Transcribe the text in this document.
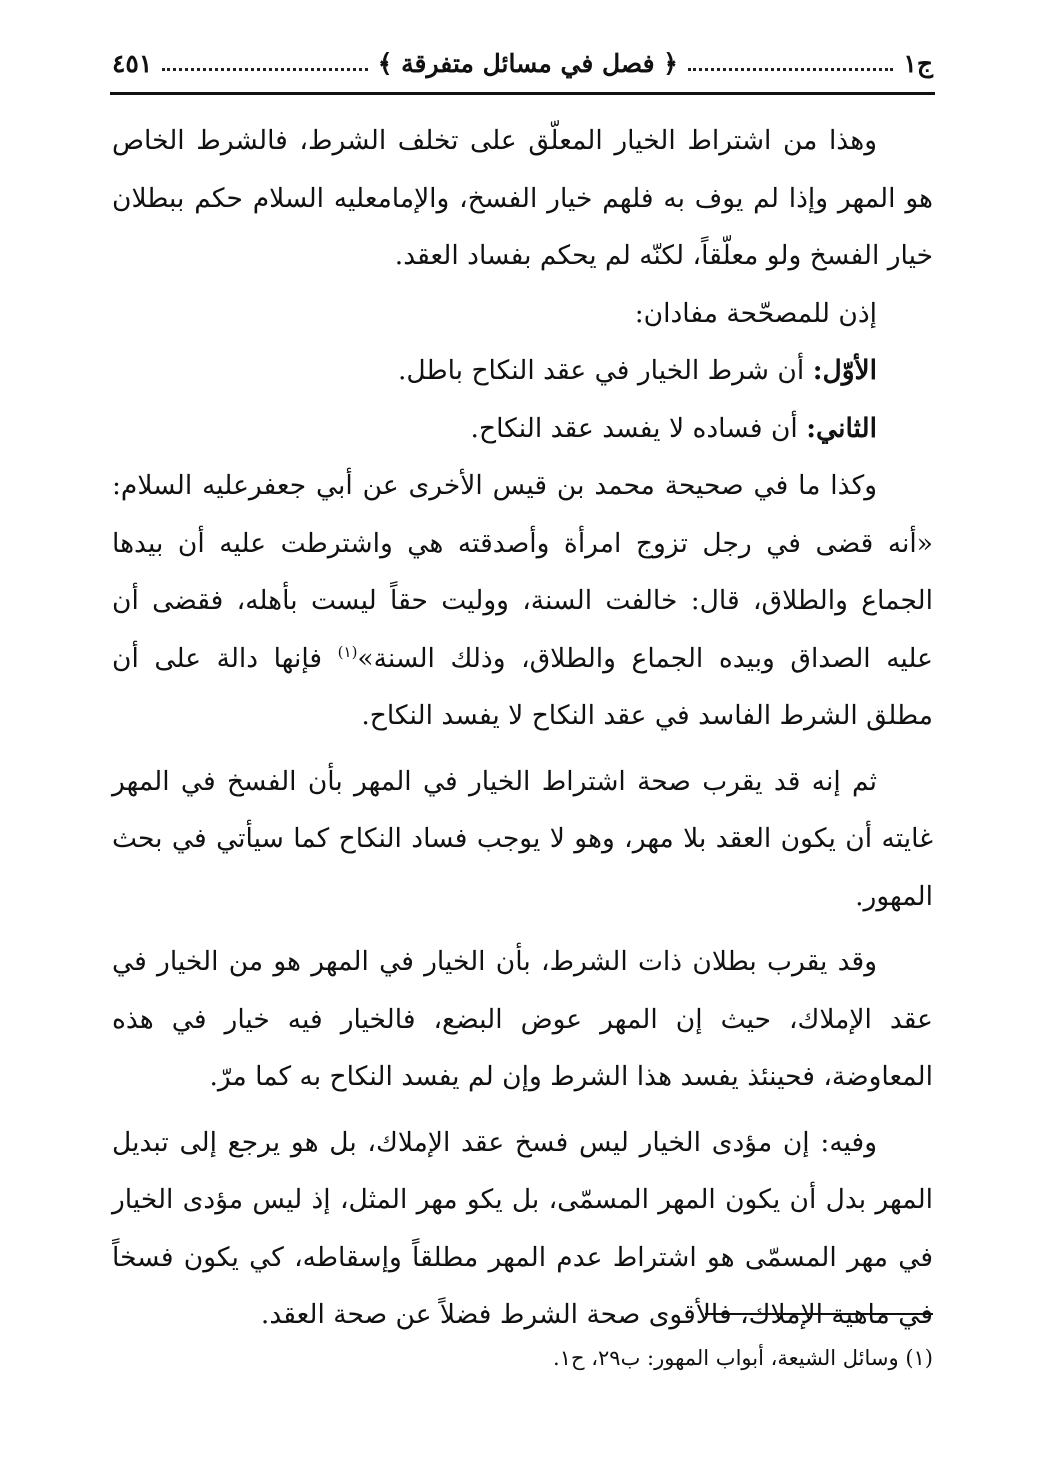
ج١
﴿ فصل في مسائل متفرقة ﴾
٤٥١

وهذا من اشتراط الخيار المعلّق على تخلف الشرط، فالشرط الخاص هو المهر وإذا لم يوف به فلهم خيار الفسخ، والإمامعليه السلام حكم ببطلان خيار الفسخ ولو معلّقاً، لكنّه لم يحكم بفساد العقد.

إذن للمصحّحة مفادان:

الأوّل: أن شرط الخيار في عقد النكاح باطل.

الثاني: أن فساده لا يفسد عقد النكاح.

وكذا ما في صحيحة محمد بن قيس الأخرى عن أبي جعفرعليه السلام: «أنه قضى في رجل تزوج امرأة وأصدقته هي واشترطت عليه أن بيدها الجماع والطلاق، قال: خالفت السنة، ووليت حقاً ليست بأهله، فقضى أن عليه الصداق وبيده الجماع والطلاق، وذلك السنة»$^{(١)}$ فإنها دالة على أن مطلق الشرط الفاسد في عقد النكاح لا يفسد النكاح.

ثم إنه قد يقرب صحة اشتراط الخيار في المهر بأن الفسخ في المهر غايته أن يكون العقد بلا مهر، وهو لا يوجب فساد النكاح كما سيأتي في بحث المهور.

وقد يقرب بطلان ذات الشرط، بأن الخيار في المهر هو من الخيار في عقد الإملاك، حيث إن المهر عوض البضع، فالخيار فيه خيار في هذه المعاوضة، فحينئذ يفسد هذا الشرط وإن لم يفسد النكاح به كما مرّ.

وفيه: إن مؤدى الخيار ليس فسخ عقد الإملاك، بل هو يرجع إلى تبديل المهر بدل أن يكون المهر المسمّى، بل يكو مهر المثل، إذ ليس مؤدى الخيار في مهر المسمّى هو اشتراط عدم المهر مطلقاً وإسقاطه، كي يكون فسخاً في ماهية الإملاك، فالأقوى صحة الشرط فضلاً عن صحة العقد.

(١) وسائل الشيعة، أبواب المهور: ب٢٩، ح١.
